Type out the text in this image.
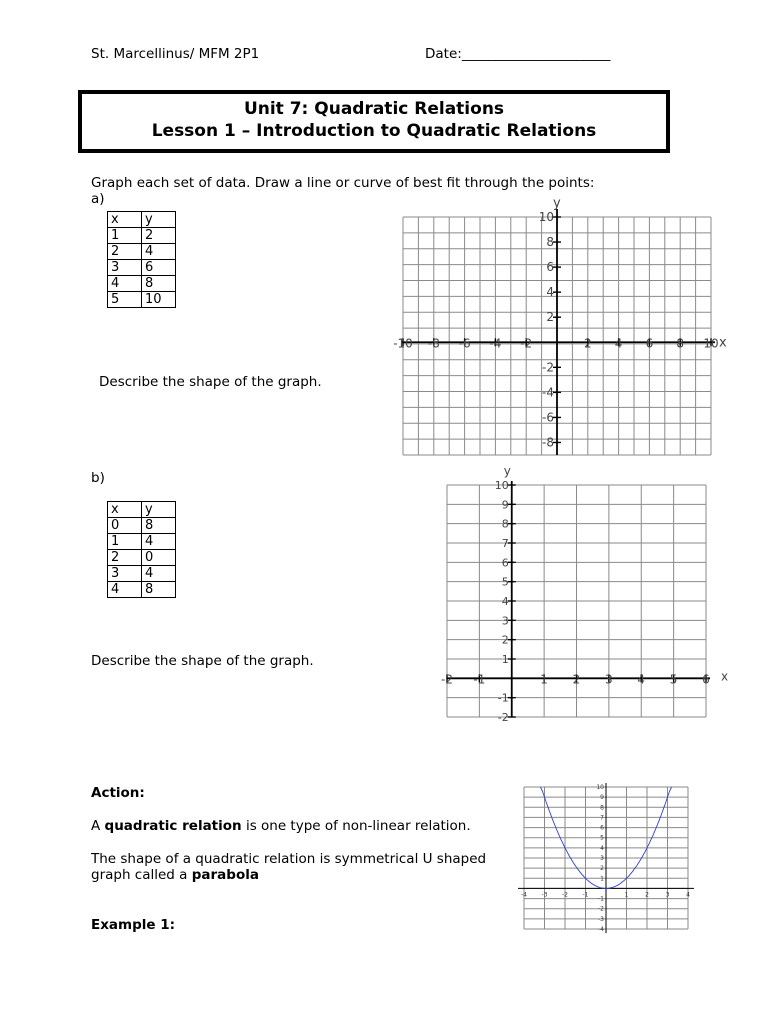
St. Marcellinus/ MFM 2P1	Date:______________________
Unit 7: Quadratic Relations
Lesson 1 – Introduction to Quadratic Relations
Graph each set of data. Draw a line or curve of best fit through the points:
a)
x	y
1	2
2	4
3	6
4	8
5	10
Describe the shape of the graph.
-10 -8 -6 -4 -2	2 4 6 8 10
10
8
6
4
2
-2
-4
-6
-8
x
y
b)
x	y
0	8
1	4
2	0
3	4
4	8
Describe the shape of the graph.
-2 -1	1 2 3 4 5 6
10
9
8
7
6
5
4
3
2
1
-1
-2
x
y
Action:
A quadratic relation is one type of non-linear relation.
The shape of a quadratic relation is symmetrical U shaped
graph called a parabola
Example 1:
-4 -3 -2 -1	1	2	3	4
10
9
8
7
6
5
4
3
2
1
-1
-2
-3
-4
